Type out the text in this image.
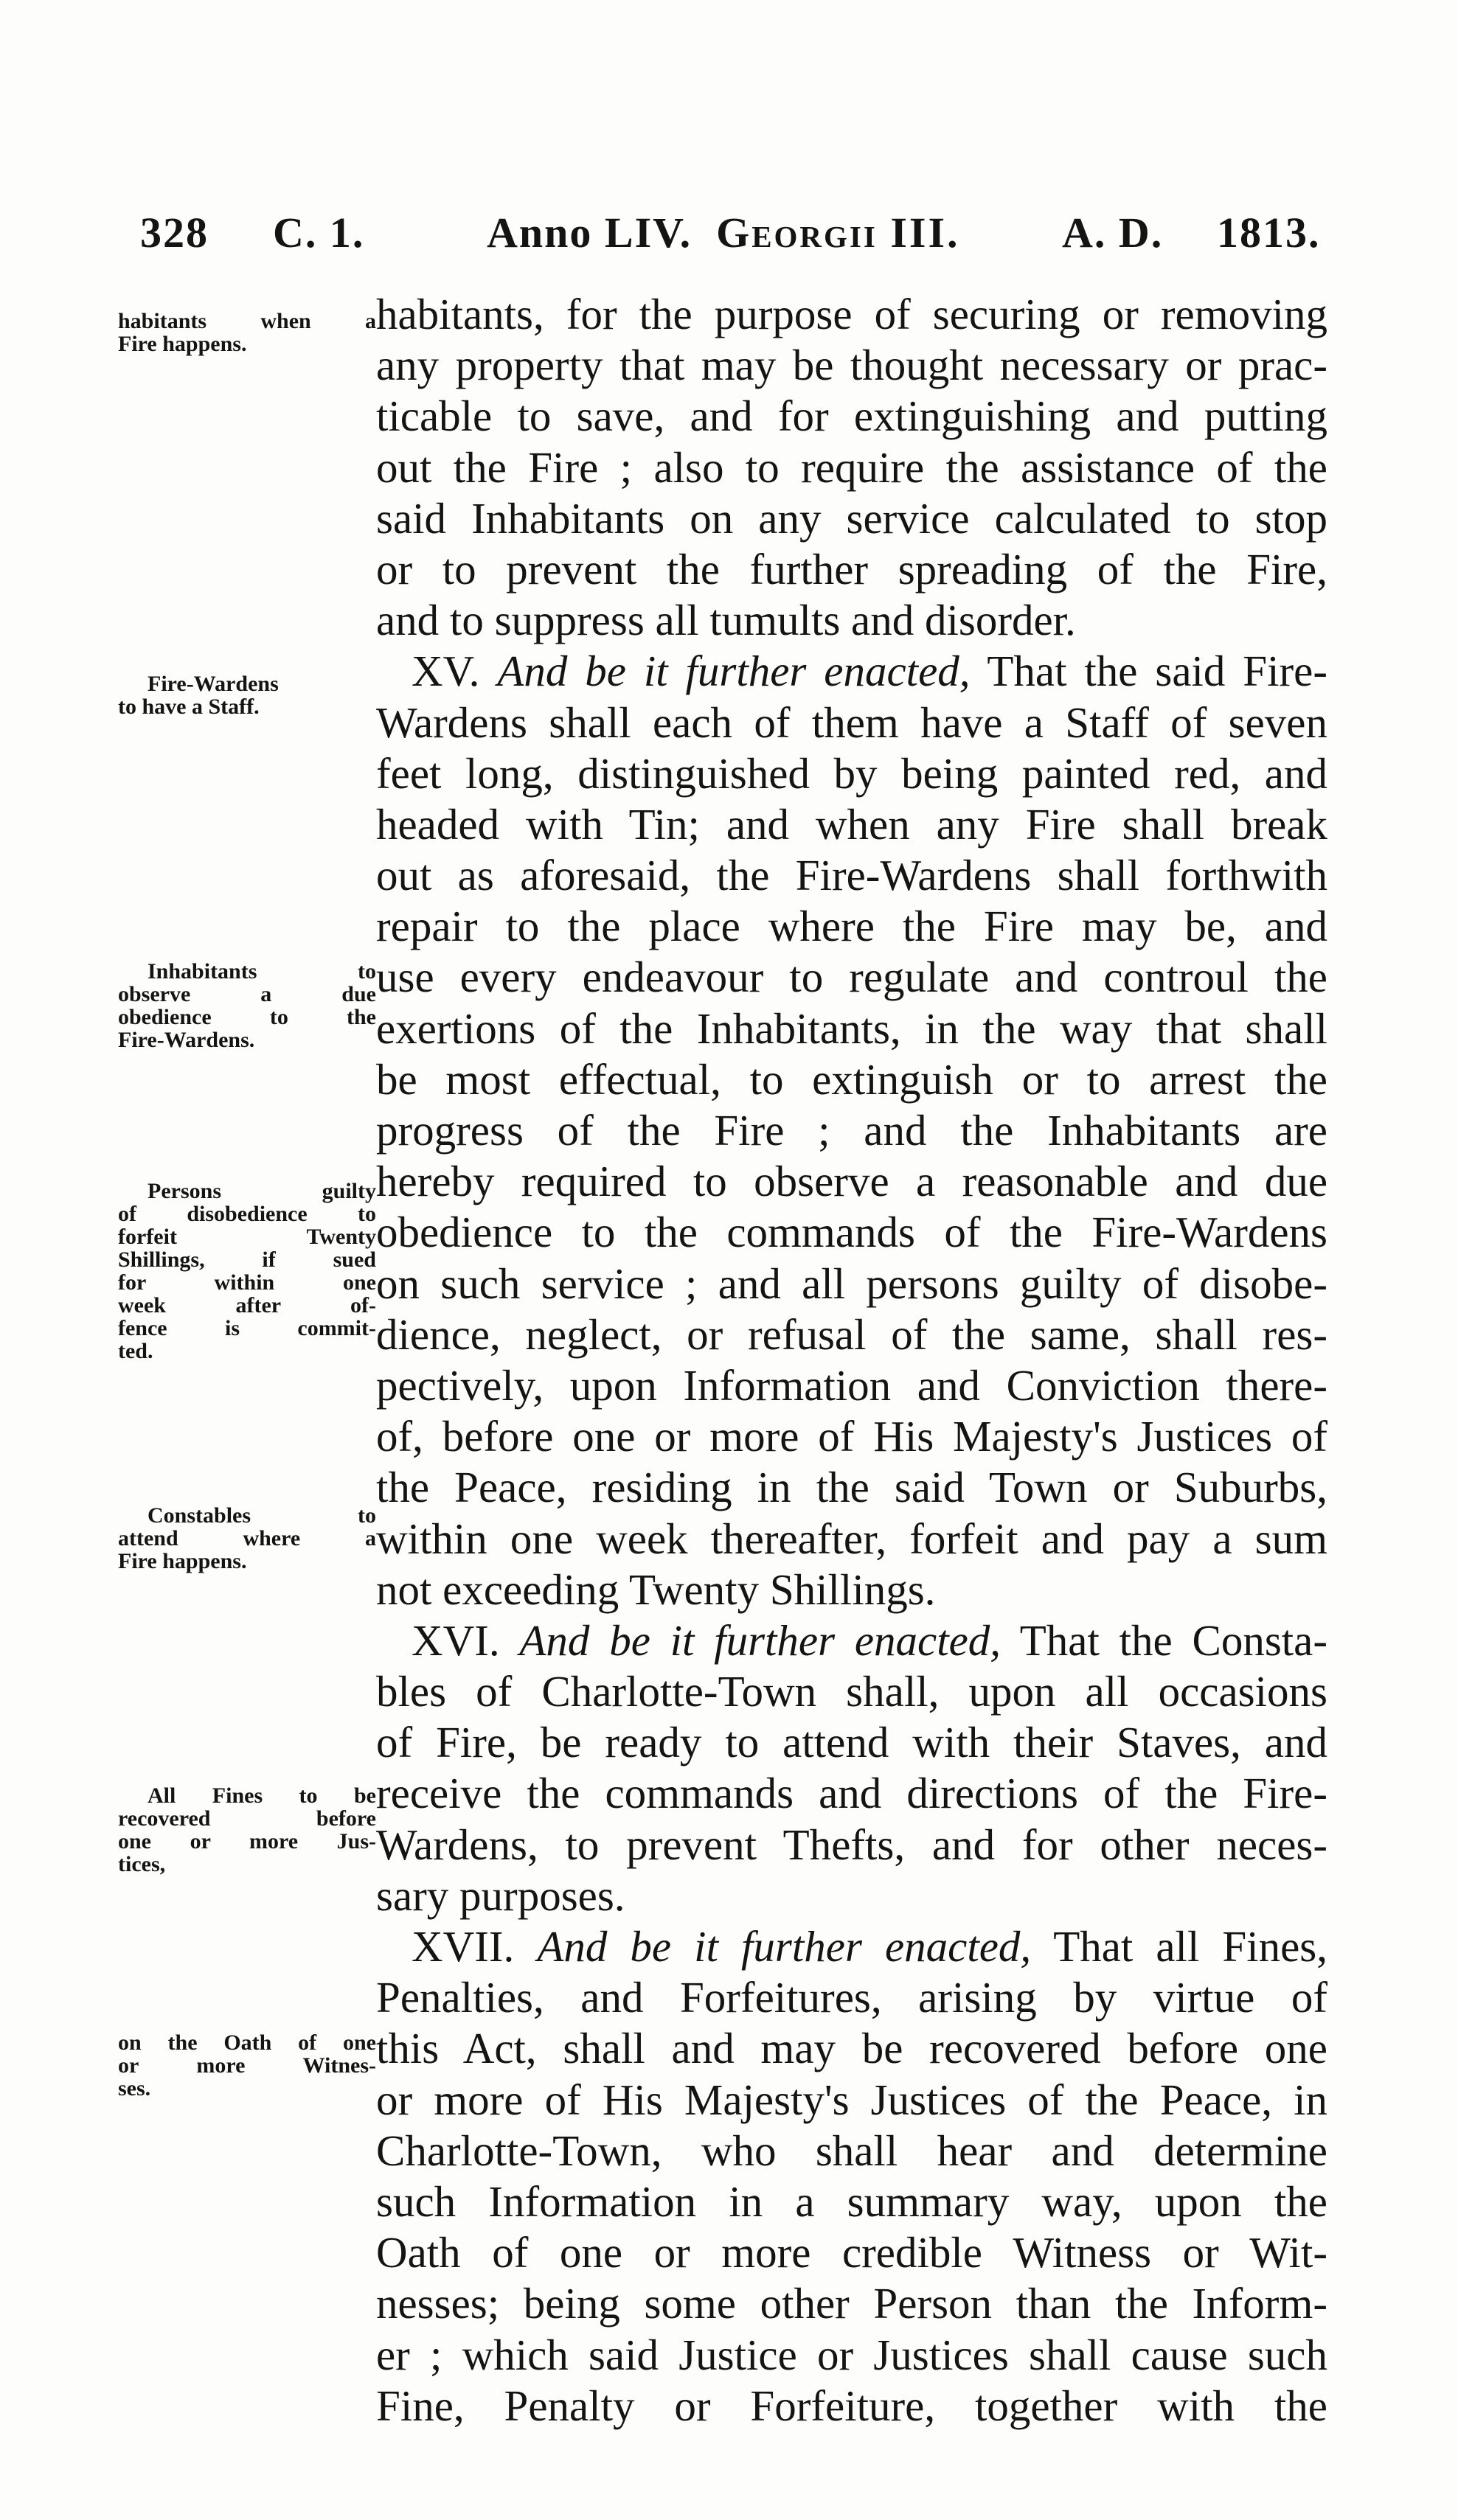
328 C. 1.	Anno LIV. Georgii III. A. D. 1813.
habitants when a
Fire happens.
Fire-Wardens
to have a Staff.
Inhabitants to
observe a due
obedience to the
Fire-Wardens.
Persons guilty
of disobedience to
forfeit Twenty
Shillings, if sued
for within one
week after of-
fence is commit-
ted.
Constables to
attend where a
Fire happens.
All Fines to be
recovered before
one or more Jus-
tices,
on the Oath of one
or more Witnes-
ses.
habitants, for the purpose of securing or removing
any property that may be thought necessary or prac-
ticable to save, and for extinguishing and putting
out the Fire ; also to require the assistance of the
said Inhabitants on any service calculated to stop
or to prevent the further spreading of the Fire,
and to suppress all tumults and disorder.
XV. And be it further enacted, That the said Fire-
Wardens shall each of them have a Staff of seven
feet long, distinguished by being painted red, and
headed with Tin; and when any Fire shall break
out as aforesaid, the Fire-Wardens shall forthwith
repair to the place where the Fire may be, and
use every endeavour to regulate and controul the
exertions of the Inhabitants, in the way that shall
be most effectual, to extinguish or to arrest the
progress of the Fire ; and the Inhabitants are
hereby required to observe a reasonable and due
obedience to the commands of the Fire-Wardens
on such service ; and all persons guilty of disobe-
dience, neglect, or refusal of the same, shall res-
pectively, upon Information and Conviction there-
of, before one or more of His Majesty's Justices of
the Peace, residing in the said Town or Suburbs,
within one week thereafter, forfeit and pay a sum
not exceeding Twenty Shillings.
XVI. And be it further enacted, That the Consta-
bles of Charlotte-Town shall, upon all occasions
of Fire, be ready to attend with their Staves, and
receive the commands and directions of the Fire-
Wardens, to prevent Thefts, and for other neces-
sary purposes.
XVII. And be it further enacted, That all Fines,
Penalties, and Forfeitures, arising by virtue of
this Act, shall and may be recovered before one
or more of His Majesty's Justices of the Peace, in
Charlotte-Town, who shall hear and determine
such Information in a summary way, upon the
Oath of one or more credible Witness or Wit-
nesses; being some other Person than the Inform-
er ; which said Justice or Justices shall cause such
Fine, Penalty or Forfeiture, together with the
